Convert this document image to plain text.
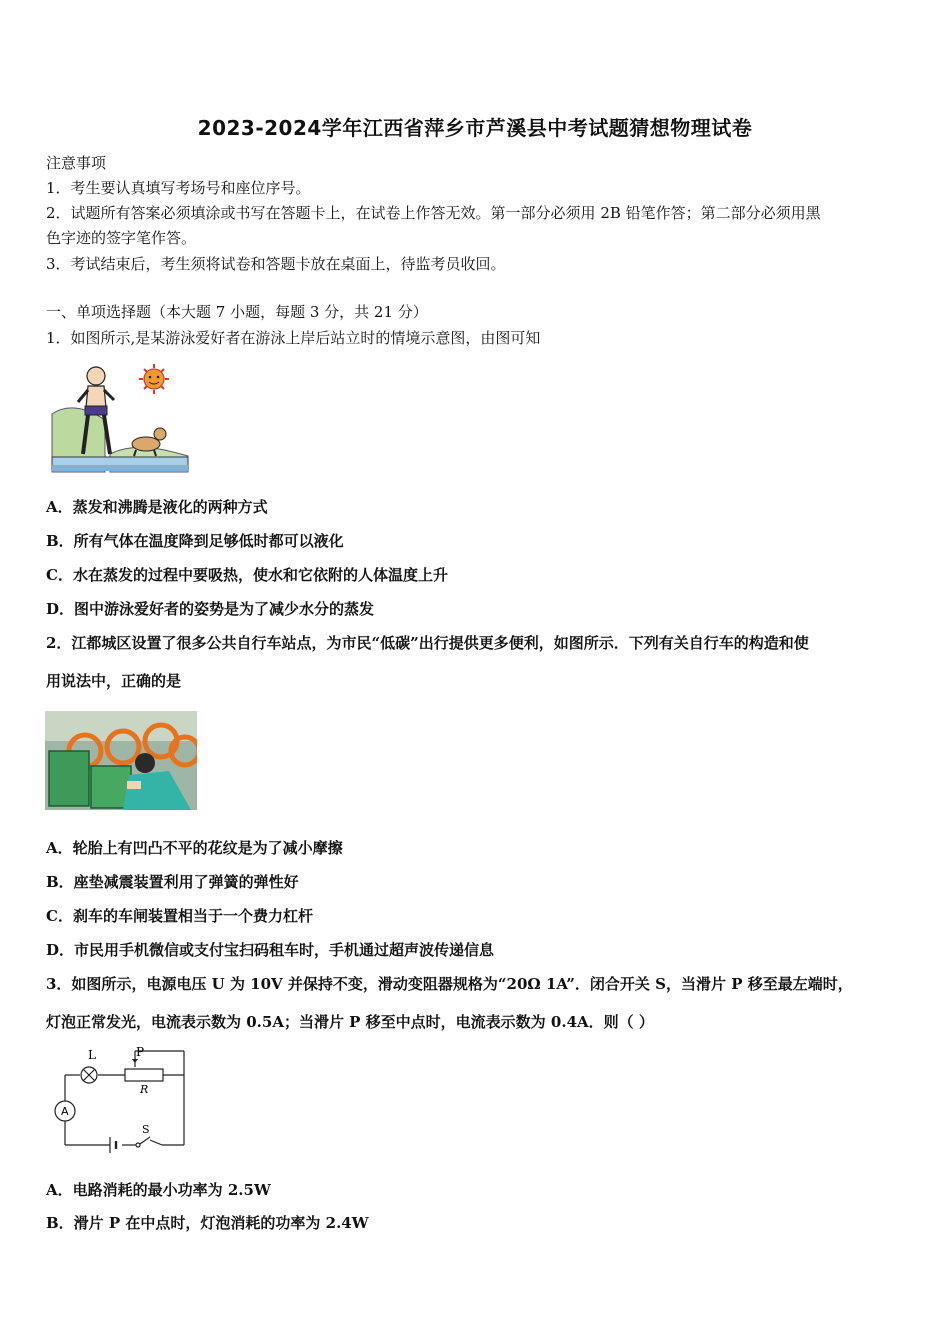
2023-2024学年江西省萍乡市芦溪县中考试题猜想物理试卷
注意事项
1．考生要认真填写考场号和座位序号。
2．试题所有答案必须填涂或书写在答题卡上，在试卷上作答无效。第一部分必须用 2B 铅笔作答；第二部分必须用黑
色字迹的签字笔作答。
3．考试结束后，考生须将试卷和答题卡放在桌面上，待监考员收回。
一、单项选择题（本大题 7 小题，每题 3 分，共 21 分）
1．如图所示,是某游泳爱好者在游泳上岸后站立时的情境示意图，由图可知
A．蒸发和沸腾是液化的两种方式
B．所有气体在温度降到足够低时都可以液化
C．水在蒸发的过程中要吸热，使水和它依附的人体温度上升
D．图中游泳爱好者的姿势是为了减少水分的蒸发
2．江都城区设置了很多公共自行车站点，为市民“低碳”出行提供更多便利，如图所示．下列有关自行车的构造和使
用说法中，正确的是
A．轮胎上有凹凸不平的花纹是为了减小摩擦
B．座垫减震装置利用了弹簧的弹性好
C．刹车的车闸装置相当于一个费力杠杆
D．市民用手机微信或支付宝扫码租车时，手机通过超声波传递信息
3．如图所示，电源电压 U 为 10V 并保持不变，滑动变阻器规格为“20Ω 1A”．闭合开关 S，当滑片 P 移至最左端时，
灯泡正常发光，电流表示数为 0.5A；当滑片 P 移至中点时，电流表示数为 0.4A．则（ ）
L	P
R
A
S
A．电路消耗的最小功率为 2.5W
B．滑片 P 在中点时，灯泡消耗的功率为 2.4W
